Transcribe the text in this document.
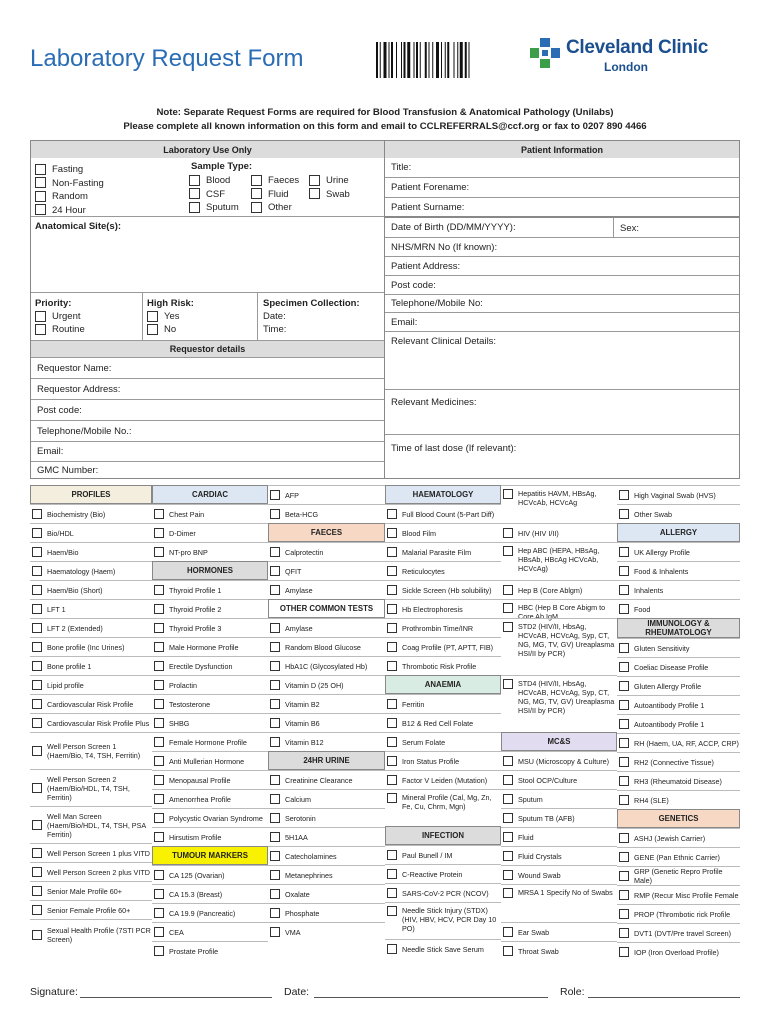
Laboratory Request Form	Cleveland Clinic
London
Note: Separate Request Forms are required for Blood Transfusion & Anatomical Pathology (Unilabs)
Please complete all known information on this form and email to CCLREFERRALS@ccf.org or fax to 0207 890 4466
Laboratory Use Only
Fasting
Non-Fasting
Random
24 Hour
Sample Type:
Blood
CSF
Sputum
Faeces
Fluid
Other
Urine
Swab
Anatomical Site(s):
Priority:
Urgent
Routine
High Risk:
Yes
No
Specimen Collection:
Date:
Time:
Requestor details
Requestor Name:
Requestor Address:
Post code:
Telephone/Mobile No.:
Email:
GMC Number:
Patient Information
Title:
Patient Forename:
Patient Surname:
Date of Birth (DD/MM/YYYY):	Sex:
NHS/MRN No (If known):
Patient Address:
Post code:
Telephone/Mobile No:
Email:
Relevant Clinical Details:
Relevant Medicines:
Time of last dose (If relevant):
PROFILES
Biochemistry (Bio)
Bio/HDL
Haem/Bio
Haematology (Haem)
Haem/Bio (Short)
LFT 1
LFT 2 (Extended)
Bone profile (Inc Urines)
Bone profile 1
Lipid profile
Cardiovascular Risk Profile
Cardiovascular Risk Profile Plus
Well Person Screen 1 (Haem/Bio, T4, TSH, Ferritin)
Well Person Screen 2 (Haem/Bio/HDL, T4, TSH, Ferritin)
Well Man Screen (Haem/Bio/HDL, T4, TSH, PSA Ferritin)
Well Person Screen 1 plus VITD
Well Person Screen 2 plus VITD
Senior Male Profile 60+
Senior Female Profile 60+
Sexual Health Profile (7STI PCR Screen)
CARDIAC
Chest Pain
D-Dimer
NT-pro BNP
HORMONES
Thyroid Profile 1
Thyroid Profile 2
Thyroid Profile 3
Male Hormone Profile
Erectile Dysfunction
Prolactin
Testosterone
SHBG
Female Hormone Profile
Anti Mullerian Hormone
Menopausal Profile
Amenorrhea Profile
Polycystic Ovarian Syndrome
Hirsutism Profile
TUMOUR MARKERS
CA 125 (Ovarian)
CA 15.3 (Breast)
CA 19.9 (Pancreatic)
CEA
Prostate Profile
AFP
Beta-HCG
FAECES
Calprotectin
QFIT
Amylase
OTHER COMMON TESTS
Amylase
Random Blood Glucose
HbA1C (Glycosylated Hb)
Vitamin D (25 OH)
Vitamin B2
Vitamin B6
Vitamin B12
24HR URINE
Creatinine Clearance
Calcium
Serotonin
5H1AA
Catecholamines
Metanephrines
Oxalate
Phosphate
VMA
HAEMATOLOGY
Full Blood Count (5-Part Diff)
Blood Film
Malarial Parasite Film
Reticulocytes
Sickle Screen (Hb solubility)
Hb Electrophoresis
Prothrombin Time/INR
Coag Profile (PT, APTT, FIB)
Thrombotic Risk Profile
ANAEMIA
Ferritin
B12 & Red Cell Folate
Serum Folate
Iron Status Profile
Factor V Leiden (Mutation)
Mineral Profile (Cal, Mg, Zn, Fe, Cu, Chrm, Mgn)
INFECTION
Paul Bunell / IM
C-Reactive Protein
SARS-CoV-2 PCR (NCOV)
Needle Stick Injury (STDX) (HIV, HBV, HCV, PCR Day 10 PO)
Needle Stick Save Serum
Hepatitis HAVM, HBsAg, HCVcAb, HCVcAg
HIV (HIV I/II)
Hep ABC (HEPA, HBsAg, HBsAb, HBcAg HCVcAb, HCVcAg)
Hep B (Core Ablgm)
HBC (Hep B Core Abigm to Core Ab IgM
STD2 (HIV/II, HbsAg, HCVcAB, HCVcAg, Syp, CT, NG, MG, TV, GV) Ureaplasma HSI/II by PCR)
STD4 (HIV/II, HbsAg, HCVcAB, HCVcAg, Syp, CT, NG, MG, TV, GV) Ureaplasma HSI/II by PCR)
MC&S
MSU (Microscopy & Culture)
Stool OCP/Culture
Sputum
Sputum TB (AFB)
Fluid
Fluid Crystals
Wound Swab
MRSA 1 Specify No of Swabs
Ear Swab
Throat Swab
High Vaginal Swab (HVS)
Other Swab
ALLERGY
UK Allergy Profile
Food & Inhalents
Inhalents
Food
IMMUNOLOGY & RHEUMATOLOGY
Gluten Sensitivity
Coeliac Disease Profile
Gluten Allergy Profile
Autoantibody Profile 1
Autoantibody Profile 1
RH (Haem, UA, RF, ACCP, CRP)
RH2 (Connective Tissue)
RH3 (Rheumatoid Disease)
RH4 (SLE)
GENETICS
ASHJ (Jewish Carrier)
GENE (Pan Ethnic Carrier)
GRP (Genetic Repro Profile Male)
RMP (Recur Misc Profile Female
PROP (Thrombotic rick Profile
DVT1 (DVT/Pre travel Screen)
IOP (Iron Overload Profile)
Signature:	Date:	Role:
